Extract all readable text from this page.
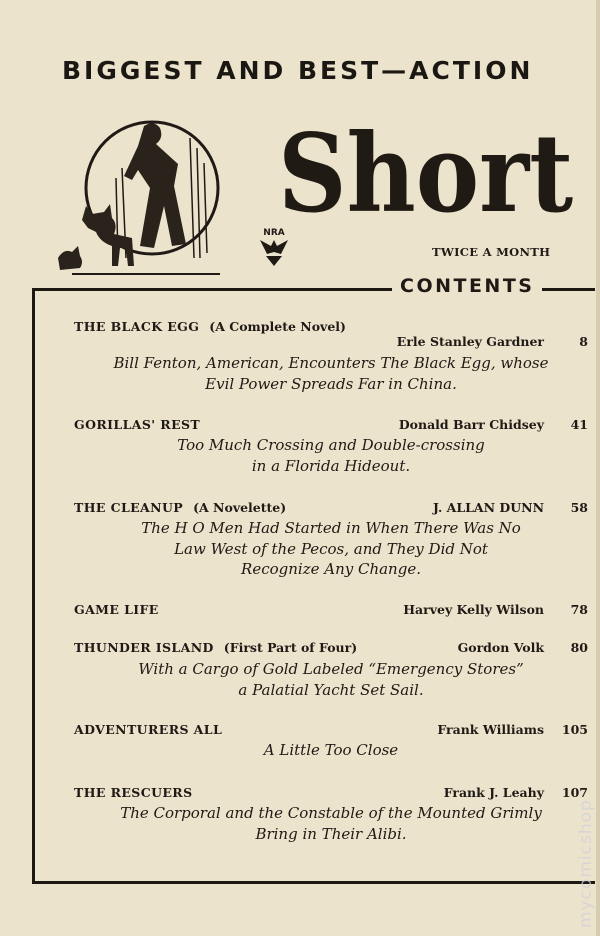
BIGGEST AND BEST—ACTION
Short
NRA
TWICE A MONTH
CONTENTS
THE BLACK EGG (A Complete Novel)
Erle Stanley Gardner	8
Bill Fenton, American, Encounters The Black Egg, whose
Evil Power Spreads Far in China.
GORILLAS' REST	Donald Barr Chidsey 41
Too Much Crossing and Double-crossing
in a Florida Hideout.
THE CLEANUP (A Novelette)	J. ALLAN DUNN 58
The H O Men Had Started in When There Was No
Law West of the Pecos, and They Did Not
Recognize Any Change.
GAME LIFE	Harvey Kelly Wilson 78
THUNDER ISLAND (First Part of Four)	Gordon Volk 80
With a Cargo of Gold Labeled “Emergency Stores”
a Palatial Yacht Set Sail.
ADVENTURERS ALL	Frank Williams 105
A Little Too Close
THE RESCUERS	Frank J. Leahy 107
The Corporal and the Constable of the Mounted Grimly
Bring in Their Alibi.	mycomicshop
